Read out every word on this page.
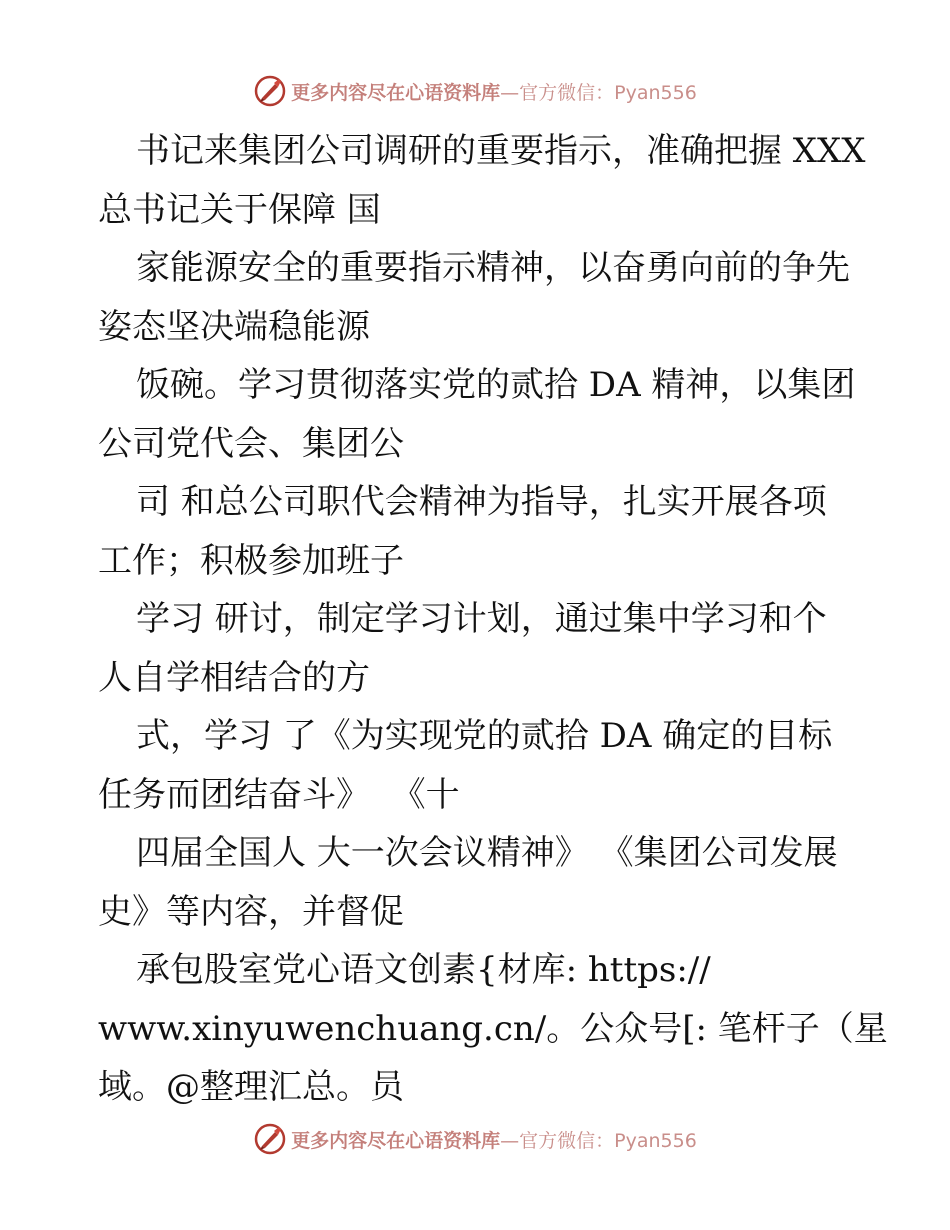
更多内容尽在心语资料库—官方微信：Pyan556
书记来集团公司调研的重要指示，准确把握 XXX
总书记关于保障 国
家能源安全的重要指示精神，以奋勇向前的争先
姿态坚决端稳能源
饭碗。学习贯彻落实党的贰拾 DA 精神，以集团
公司党代会、集团公
司 和总公司职代会精神为指导，扎实开展各项
工作；积极参加班子
学习 研讨，制定学习计划，通过集中学习和个
人自学相结合的方
式，学习 了《为实现党的贰拾 DA 确定的目标
任务而团结奋斗》  《十
四届全国人 大一次会议精神》 《集团公司发展
史》等内容，并督促
承包股室党心语文创素{材库: https://
www.xinyuwenchuang.cn/。公众号[: 笔杆子（星
域。@整理汇总。员
更多内容尽在心语资料库—官方微信：Pyan556
